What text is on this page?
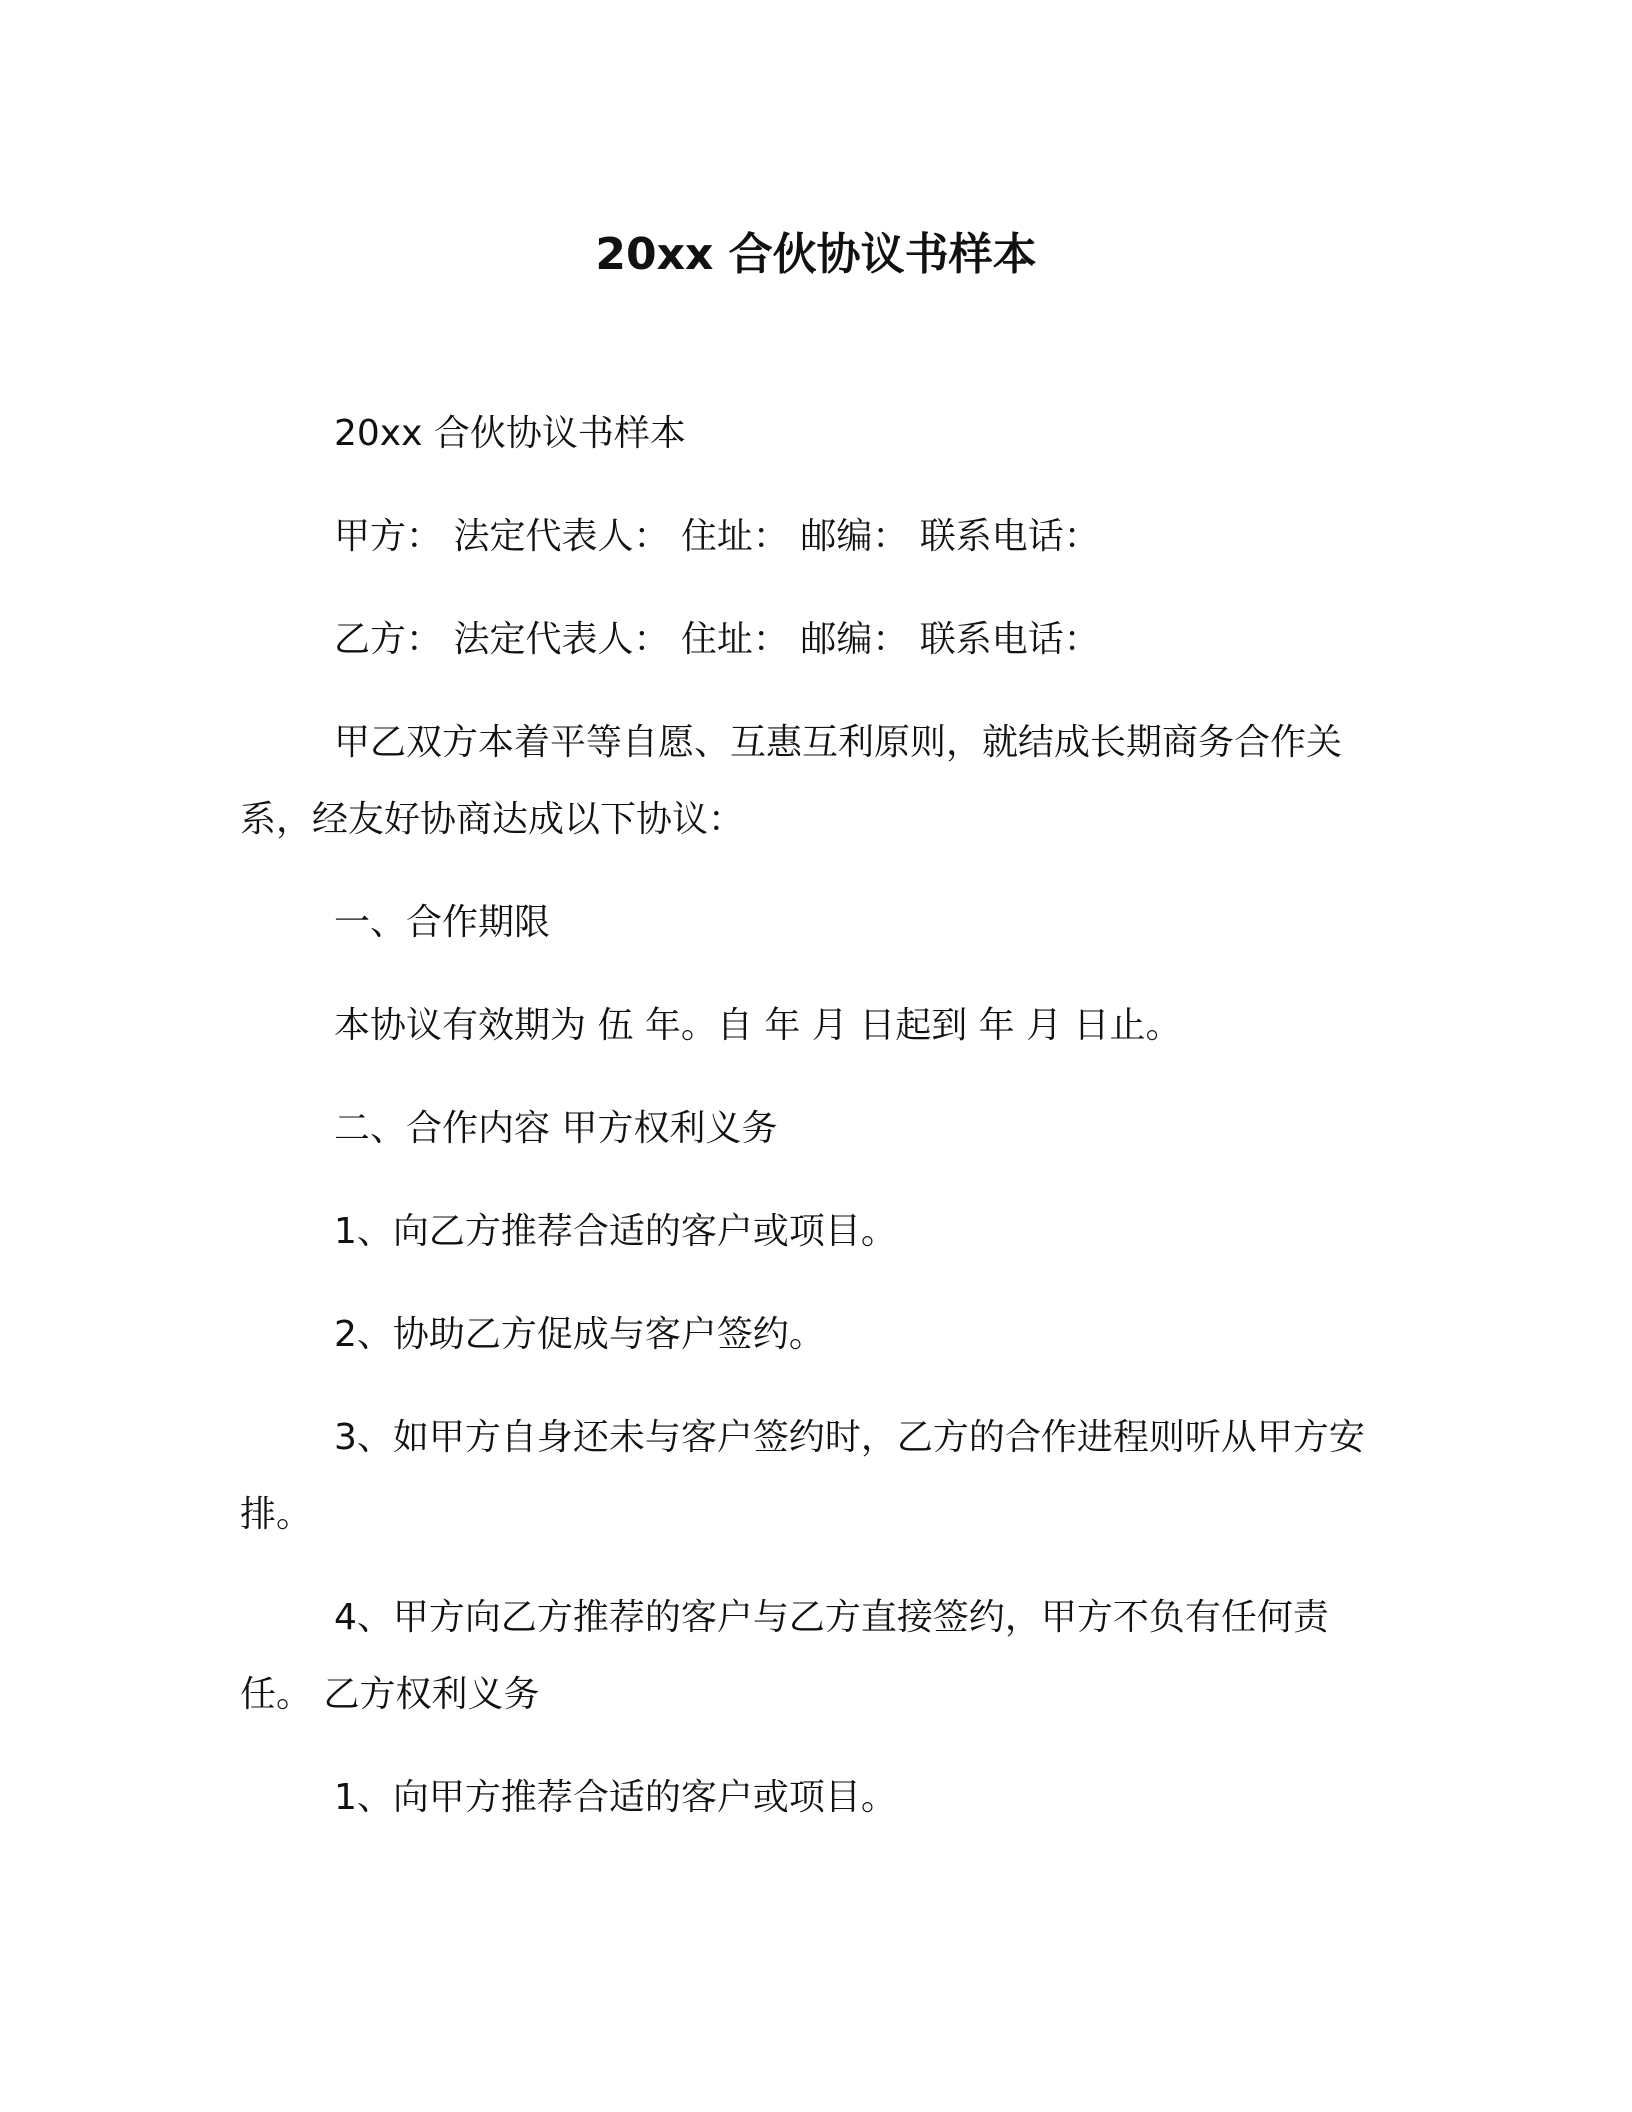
20xx 合伙协议书样本

20xx 合伙协议书样本

甲方： 法定代表人： 住址： 邮编： 联系电话：

乙方： 法定代表人： 住址： 邮编： 联系电话：

甲乙双方本着平等自愿、互惠互利原则，就结成长期商务合作关系，经友好协商达成以下协议：

一、合作期限

本协议有效期为 伍 年。自 年 月 日起到 年 月 日止。

二、合作内容 甲方权利义务

1、向乙方推荐合适的客户或项目。

2、协助乙方促成与客户签约。

3、如甲方自身还未与客户签约时，乙方的合作进程则听从甲方安排。

4、甲方向乙方推荐的客户与乙方直接签约，甲方不负有任何责任。 乙方权利义务

1、向甲方推荐合适的客户或项目。
